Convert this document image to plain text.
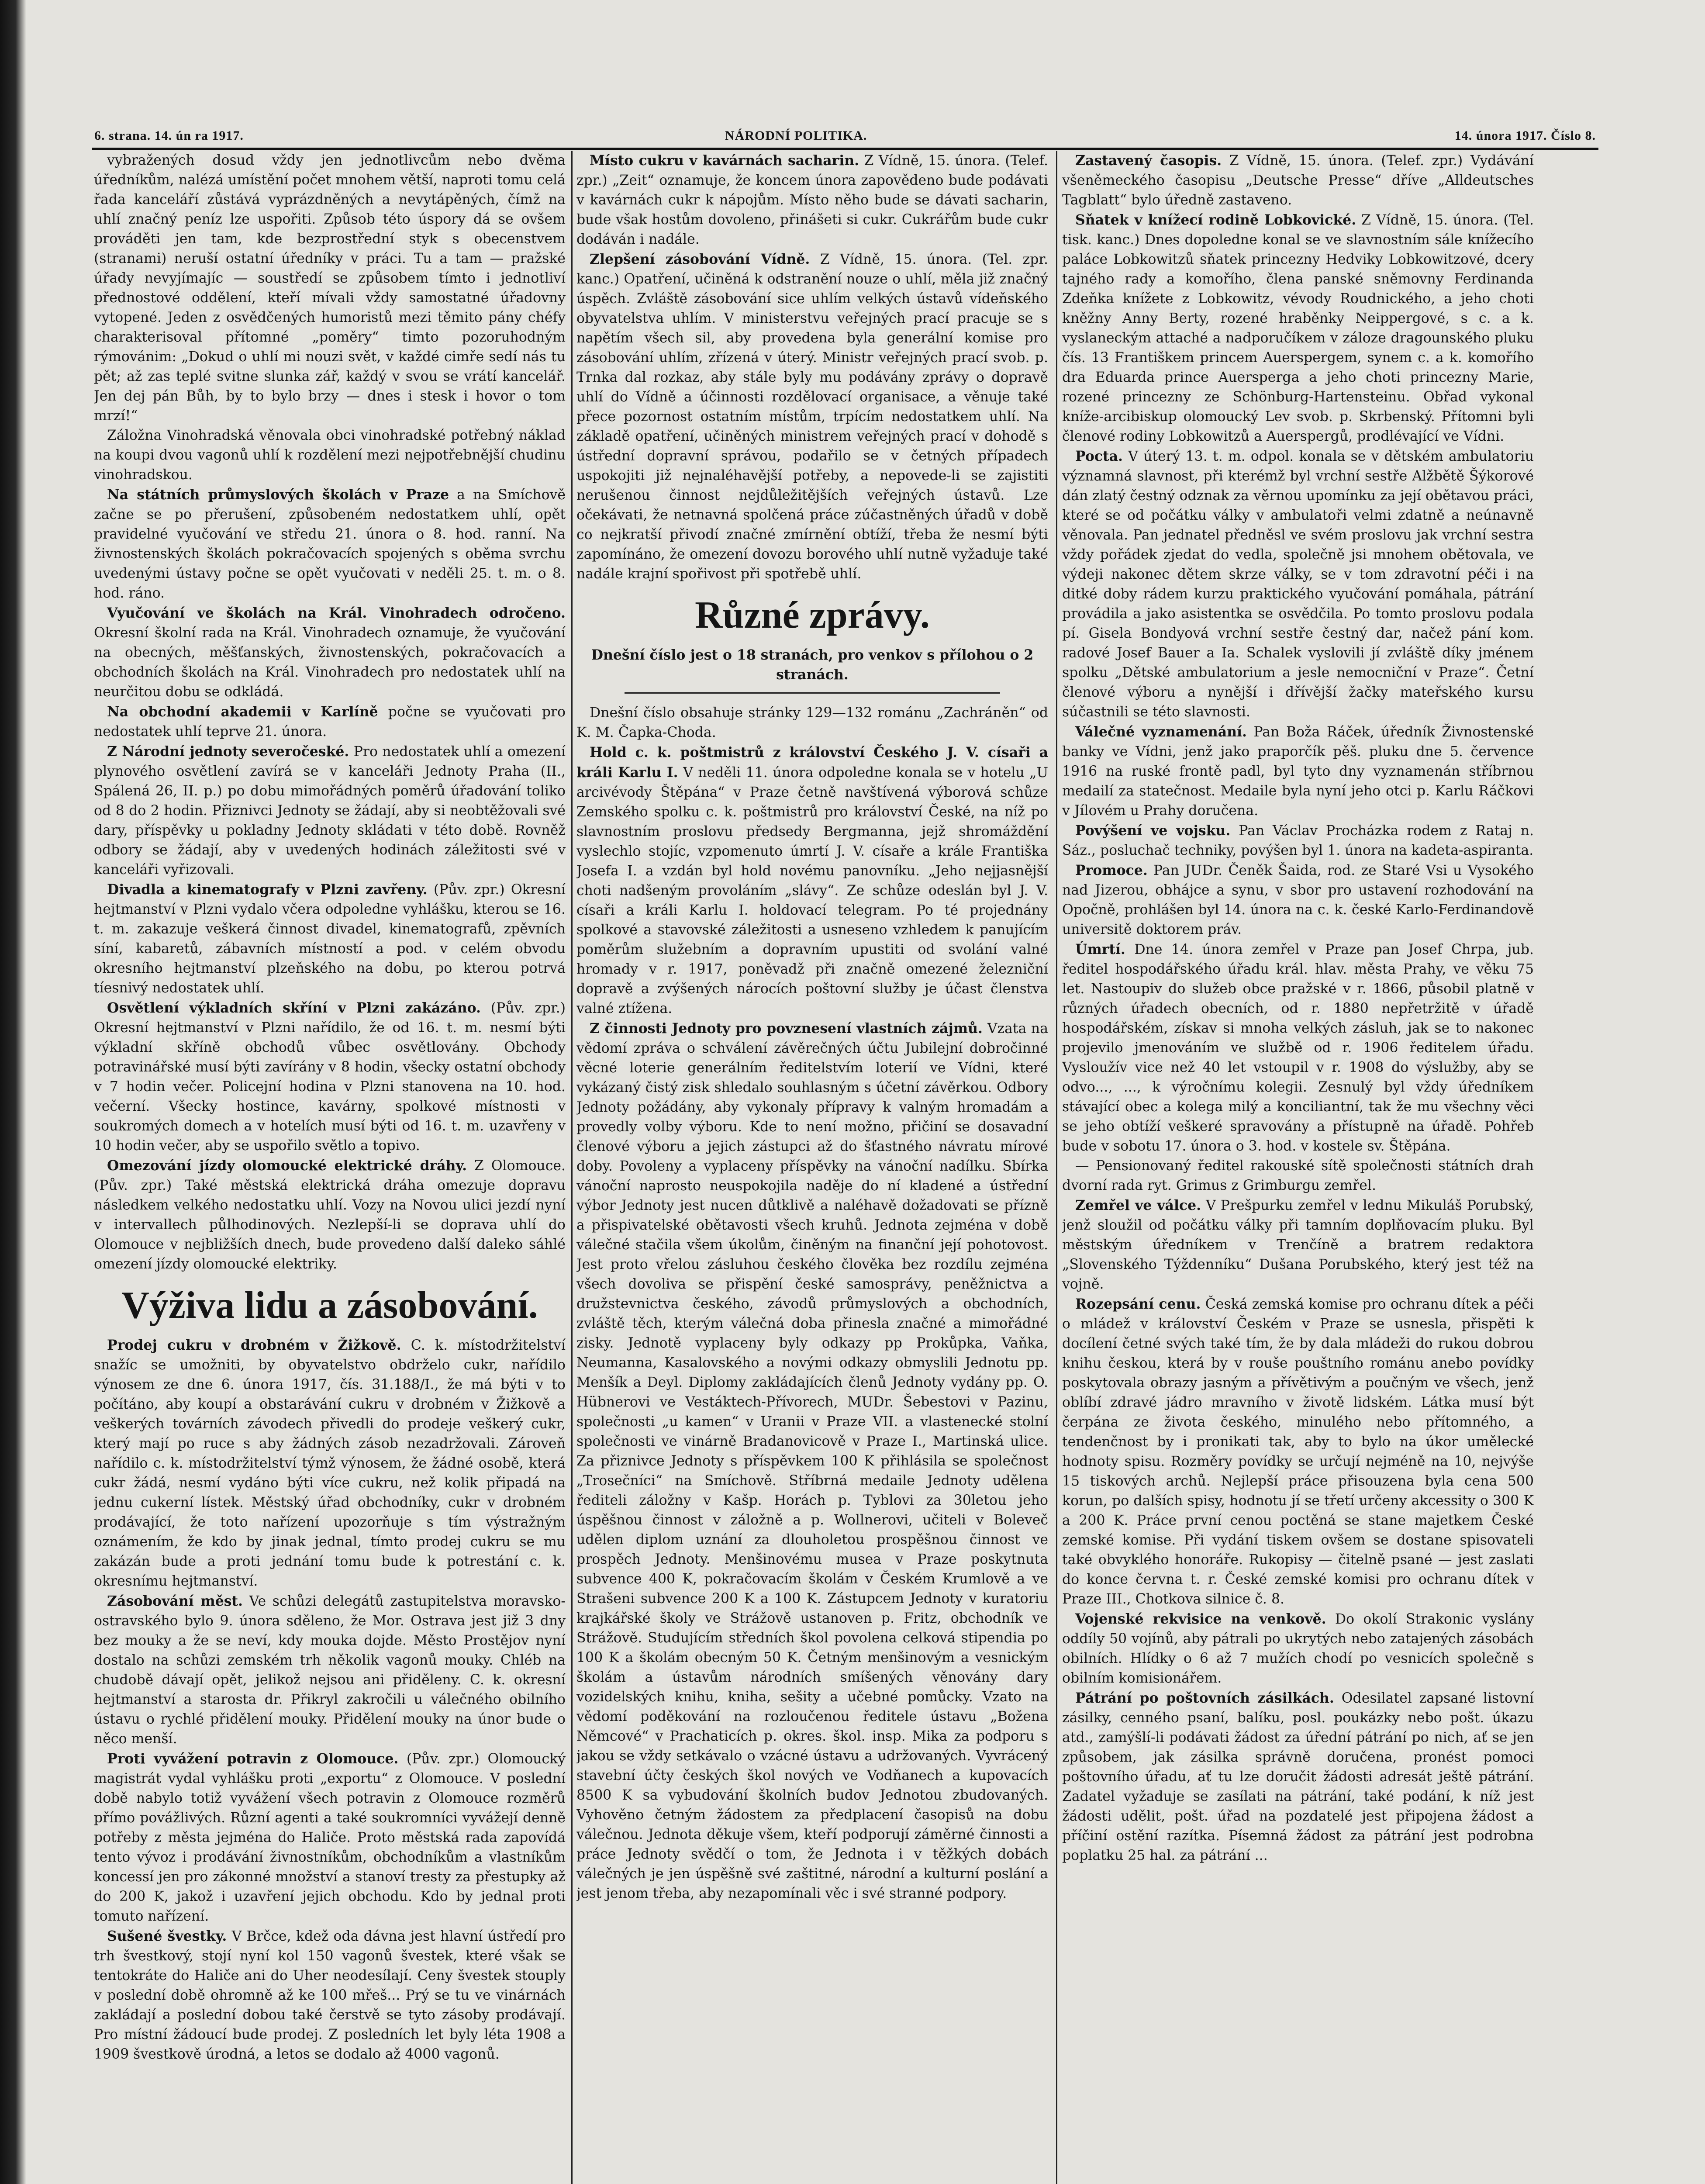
6. strana. 14. ún ra 1917.	NÁRODNÍ POLITIKA.	14. února 1917. Číslo 8.

vybražených dosud vždy jen jednotlivcům nebo dvěma úředníkům, nalézá umístění počet mnohem větší, naproti tomu celá řada kanceláří zůstává vyprázdněných a nevytápěných, čímž na uhlí značný peníz lze uspořiti. Způsob této úspory dá se ovšem prováděti jen tam, kde bezprostřední styk s obecenstvem (stranami) neruší ostatní úředníky v práci. Tu a tam — pražské úřady nevyjímajíc — soustředí se způsobem tímto i jednotliví přednostové oddělení, kteří mívali vždy samostatné úřadovny vytopené. Jeden z osvědčených humoristů mezi těmito pány chéfy charakterisoval přítomné „poměry“ timto pozoruhodným rýmovánim: „Dokud o uhlí mi nouzi svět, v každé cimře sedí nás tu pět; až zas teplé svitne slunka zář, každý v svou se vrátí kancelář. Jen dej pán Bůh, by to bylo brzy — dnes i stesk i hovor o tom mrzí!“

Záložna Vinohradská věnovala obci vinohradské potřebný náklad na koupi dvou vagonů uhlí k rozdělení mezi nejpotřebnější chudinu vinohradskou.

Na státních průmyslových školách v Praze a na Smíchově začne se po přerušení, způsobeném nedostatkem uhlí, opět pravidelné vyučování ve středu 21. února o 8. hod. ranní. Na živnostenských školách pokračovacích spojených s oběma svrchu uvedenými ústavy počne se opět vyučovati v neděli 25. t. m. o 8. hod. ráno.

Vyučování ve školách na Král. Vinohradech odročeno. Okresní školní rada na Král. Vinohradech oznamuje, že vyučování na obecných, měšťanských, živnostenských, pokračovacích a obchodních školách na Král. Vinohradech pro nedostatek uhlí na neurčitou dobu se odkládá.

Na obchodní akademii v Karlíně počne se vyučovati pro nedostatek uhlí teprve 21. února.

Z Národní jednoty severočeské. Pro nedostatek uhlí a omezení plynového osvětlení zavírá se v kanceláři Jednoty Praha (II., Spálená 26, II. p.) po dobu mimořádných poměrů úřadování toliko od 8 do 2 hodin. Přiznivci Jednoty se žádají, aby si neobtěžovali své dary, příspěvky u pokladny Jednoty skládati v této době. Rovněž odbory se žádají, aby v uvedených hodinách záležitosti své v kanceláři vyřizovali.

Divadla a kinematografy v Plzni zavřeny. (Pův. zpr.) Okresní hejtmanství v Plzni vydalo včera odpoledne vyhlášku, kterou se 16. t. m. zakazuje veškerá činnost divadel, kinematografů, zpěvních síní, kabaretů, zábavních místností a pod. v celém obvodu okresního hejtmanství plzeňského na dobu, po kterou potrvá tíesnivý nedostatek uhlí.

Osvětlení výkladních skříní v Plzni zakázáno. (Pův. zpr.) Okresní hejtmanství v Plzni nařídilo, že od 16. t. m. nesmí býti výkladní skříně obchodů vůbec osvětlovány. Obchody potravinářské musí býti zavírány v 8 hodin, všecky ostatní obchody v 7 hodin večer. Policejní hodina v Plzni stanovena na 10. hod. večerní. Všecky hostince, kavárny, spolkové místnosti v soukromých domech a v hotelích musí býti od 16. t. m. uzavřeny v 10 hodin večer, aby se uspořilo světlo a topivo.

Omezování jízdy olomoucké elektrické dráhy. Z Olomouce. (Pův. zpr.) Také městská elektrická dráha omezuje dopravu následkem velkého nedostatku uhlí. Vozy na Novou ulici jezdí nyní v intervallech půlhodinových. Nezlepší-li se doprava uhlí do Olomouce v nejbližších dnech, bude provedeno další daleko sáhlé omezení jízdy olomoucké elektriky.

Výživa lidu a zásobování.

Prodej cukru v drobném v Žižkově. C. k. místodržitelství snažíc se umožniti, by obyvatelstvo obdrželo cukr, nařídilo výnosem ze dne 6. února 1917, čís. 31.188/I., že má býti v to počítáno, aby koupí a obstarávání cukru v drobném v Žižkově a veškerých továrních závodech přivedli do prodeje veškerý cukr, který mají po ruce s aby žádných zásob nezadržovali. Zároveň nařídilo c. k. místodržitelství týmž výnosem, že žádné osobě, která cukr žádá, nesmí vydáno býti více cukru, než kolik připadá na jednu cukerní lístek. Městský úřad obchodníky, cukr v drobném prodávající, že toto nařízení upozorňuje s tím výstražným oznámením, že kdo by jinak jednal, tímto prodej cukru se mu zakázán bude a proti jednání tomu bude k potrestání c. k. okresnímu hejtmanství.

Zásobování měst. Ve schůzi delegátů zastupitelstva moravsko-ostravského bylo 9. února sděleno, že Mor. Ostrava jest již 3 dny bez mouky a že se neví, kdy mouka dojde. Město Prostějov nyní dostalo na schůzi zemském trh několik vagonů mouky. Chléb na chudobě dávají opět, jelikož nejsou ani přiděleny. C. k. okresní hejtmanství a starosta dr. Přikryl zakročili u válečného obilního ústavu o rychlé přidělení mouky. Přidělení mouky na únor bude o něco menší.

Proti vyvážení potravin z Olomouce. (Pův. zpr.) Olomoucký magistrát vydal vyhlášku proti „exportu“ z Olomouce. V poslední době nabylo totiž vyvážení všech potravin z Olomouce rozměrů přímo povážlivých. Různí agenti a také soukromníci vyvážejí denně potřeby z města jejména do Haliče. Proto městská rada zapovídá tento vývoz i prodávání živnostníkům, obchodníkům a vlastníkům koncessí jen pro zákonné množství a stanoví tresty za přestupky až do 200 K, jakož i uzavření jejich obchodu. Kdo by jednal proti tomuto nařízení.

Sušené švestky. V Brčce, kdež oda dávna jest hlavní ústředí pro trh švestkový, stojí nyní kol 150 vagonů švestek, které však se tentokráte do Haliče ani do Uher neodesílají. Ceny švestek stouply v poslední době ohromně až ke 100 mřeš... Prý se tu ve vinárnách zakládají a poslední dobou také čerstvě se tyto zásoby prodávají. Pro místní žádoucí bude prodej. Z posledních let byly léta 1908 a 1909 švestkově úrodná, a letos se dodalo až 4000 vagonů.

Místo cukru v kavárnách sacharin. Z Vídně, 15. února. (Telef. zpr.) „Zeit“ oznamuje, že koncem února zapovědeno bude podávati v kavárnách cukr k nápojům. Místo něho bude se dávati sacharin, bude však hostům dovoleno, přinášeti si cukr. Cukrářům bude cukr dodáván i nadále.

Zlepšení zásobování Vídně. Z Vídně, 15. února. (Tel. zpr. kanc.) Opatření, učiněná k odstranění nouze o uhlí, měla již značný úspěch. Zvláště zásobování sice uhlím velkých ústavů vídeňského obyvatelstva uhlím. V ministerstvu veřejných prací pracuje se s napětím všech sil, aby provedena byla generální komise pro zásobování uhlím, zřízená v úterý. Ministr veřejných prací svob. p. Trnka dal rozkaz, aby stále byly mu podávány zprávy o dopravě uhlí do Vídně a účinnosti rozdělovací organisace, a věnuje také přece pozornost ostatním místům, trpícím nedostatkem uhlí. Na základě opatření, učiněných ministrem veřejných prací v dohodě s ústřední dopravní správou, podařilo se v četných případech uspokojiti již nejnaléhavější potřeby, a nepovede-li se zajistiti nerušenou činnost nejdůležitějších veřejných ústavů. Lze očekávati, že netnavná spolčená práce zúčastněných úřadů v době co nejkratší přivodí značné zmírnění obtíží, třeba že nesmí býti zapomínáno, že omezení dovozu borového uhlí nutně vyžaduje také nadále krajní spořivost při spotřebě uhlí.

Různé zprávy.

Dnešní číslo jest o 18 stranách, pro venkov s přílohou o 2 stranách.

Dnešní číslo obsahuje stránky 129—132 románu „Zachráněn“ od K. M. Čapka-Choda.

Hold c. k. poštmistrů z království Českého J. V. císaři a králi Karlu I. V neděli 11. února odpoledne konala se v hotelu „U arcivévody Štěpána“ v Praze četně navštívená výborová schůze Zemského spolku c. k. poštmistrů pro království České, na níž po slavnostním proslovu předsedy Bergmanna, jejž shromáždění vyslechlo stojíc, vzpomenuto úmrtí J. V. císaře a krále Františka Josefa I. a vzdán byl hold novému panovníku. „Jeho nejjasnější choti nadšeným provoláním „slávy“. Ze schůze odeslán byl J. V. císaři a králi Karlu I. holdovací telegram. Po té projednány spolkové a stavovské záležitosti a usneseno vzhledem k panujícím poměrům služebním a dopravním upustiti od svolání valné hromady v r. 1917, poněvadž při značně omezené železniční dopravě a zvýšených nárocích poštovní služby je účast členstva valné ztížena.

Z činnosti Jednoty pro povznesení vlastních zájmů. Vzata na vědomí zpráva o schválení závěrečných účtu Jubilejní dobročinné věcné loterie generálním ředitelstvím loterií ve Vídni, které vykázaný čistý zisk shledalo souhlasným s účetní závěrkou. Odbory Jednoty požádány, aby vykonaly přípravy k valným hromadám a provedly volby výboru. Kde to není možno, přičiní se dosavadní členové výboru a jejich zástupci až do šťastného návratu mírové doby. Povoleny a vyplaceny příspěvky na vánoční nadílku. Sbírka vánoční naprosto neuspokojila naděje do ní kladené a ústřední výbor Jednoty jest nucen důtklivě a naléhavě dožadovati se přízně a přispivatelské obětavosti všech kruhů. Jednota zejména v době válečné stačila všem úkolům, činěným na finanční její pohotovost. Jest proto vřelou zásluhou českého člověka bez rozdílu zejména všech dovoliva se přispění české samosprávy, peněžnictva a družstevnictva českého, závodů průmyslových a obchodních, zvláště těch, kterým válečná doba přinesla značné a mimořádné zisky. Jednotě vyplaceny byly odkazy pp Prokůpka, Vaňka, Neumanna, Kasalovského a novými odkazy obmyslili Jednotu pp. Menšík a Deyl. Diplomy zakládajících členů Jednoty vydány pp. O. Hübnerovi ve Vestáktech-Přívorech, MUDr. Šebestovi v Pazinu, společnosti „u kamen“ v Uranii v Praze VII. a vlastenecké stolní společnosti ve vinárně Bradanovicově v Praze I., Martinská ulice. Za přiznivce Jednoty s příspěvkem 100 K přihlásila se společnost „Trosečníci“ na Smíchově. Stříbrná medaile Jednoty udělena řediteli záložny v Kašp. Horách p. Tyblovi za 30letou jeho úspěšnou činnost v záložně a p. Wollnerovi, učiteli v Boleveč udělen diplom uznání za dlouholetou prospěšnou činnost ve prospěch Jednoty. Menšinovému musea v Praze poskytnuta subvence 400 K, pokračovacím školám v Českém Krumlově a ve Strašeni subvence 200 K a 100 K. Zástupcem Jednoty v kuratoriu krajkářské školy ve Strážově ustanoven p. Fritz, obchodník ve Strážově. Studujícím středních škol povolena celková stipendia po 100 K a školám obecným 50 K. Četným menšinovým a vesnickým školám a ústavům národních smíšených věnovány dary vozidelských knihu, kniha, sešity a učebné pomůcky. Vzato na vědomí poděkování na rozloučenou ředitele ústavu „Božena Němcové“ v Prachaticích p. okres. škol. insp. Mika za podporu s jakou se vždy setkávalo o vzácné ústavu a udržovaných. Vyvrácený stavební účty českých škol nových ve Vodňanech a kupovacích 8500 K sa vybudování školních budov Jednotou zbudovaných. Vyhověno četným žádostem za předplacení časopisů na dobu válečnou. Jednota děkuje všem, kteří podporují záměrné činnosti a práce Jednoty svědčí o tom, že Jednota i v těžkých dobách válečných je jen úspěšně své zaštitné, národní a kulturní poslání a jest jenom třeba, aby nezapomínali věc i své stranné podpory.

Zastavený časopis. Z Vídně, 15. února. (Telef. zpr.) Vydávání všeněmeckého časopisu „Deutsche Presse“ dříve „Alldeutsches Tagblatt“ bylo úředně zastaveno.

Sňatek v knížecí rodině Lobkovické. Z Vídně, 15. února. (Tel. tisk. kanc.) Dnes dopoledne konal se ve slavnostním sále knížecího paláce Lobkowitzů sňatek princezny Hedviky Lobkowitzové, dcery tajného rady a komořího, člena panské sněmovny Ferdinanda Zdeňka knížete z Lobkowitz, vévody Roudnického, a jeho choti kněžny Anny Berty, rozené hraběnky Neippergové, s c. a k. vyslaneckým attaché a nadporučíkem v záloze dragounského pluku čís. 13 Františkem princem Auerspergem, synem c. a k. komořího dra Eduarda prince Auersperga a jeho choti princezny Marie, rozené princezny ze Schönburg-Hartensteinu. Obřad vykonal kníže-arcibiskup olomoucký Lev svob. p. Skrbenský. Přítomni byli členové rodiny Lobkowitzů a Auerspergů, prodlévající ve Vídni.

Pocta. V úterý 13. t. m. odpol. konala se v dětském ambulatoriu významná slavnost, při kterémž byl vrchní sestře Alžbětě Šýkorové dán zlatý čestný odznak za věrnou upomínku za její obětavou práci, které se od počátku války v ambulatoři velmi zdatně a neúnavně věnovala. Pan jednatel předněsl ve svém proslovu jak vrchní sestra vždy pořádek zjedat do vedla, společně jsi mnohem obětovala, ve výdeji nakonec dětem skrze války, se v tom zdravotní péči i na ditké doby rádem kurzu praktického vyučování pomáhala, pátrání provádila a jako asistentka se osvědčila. Po tomto proslovu podala pí. Gisela Bondyová vrchní sestře čestný dar, načež pání kom. radové Josef Bauer a Ia. Schalek vyslovili jí zvláště díky jménem spolku „Dětské ambulatorium a jesle nemocniční v Praze“. Četní členové výboru a nynější i dřívější žačky mateřského kursu súčastnili se této slavnosti.

Válečné vyznamenání. Pan Boža Ráček, úředník Živnostenské banky ve Vídni, jenž jako praporčík pěš. pluku dne 5. července 1916 na ruské frontě padl, byl tyto dny vyznamenán stříbrnou medailí za statečnost. Medaile byla nyní jeho otci p. Karlu Ráčkovi v Jílovém u Prahy doručena.

Povýšení ve vojsku. Pan Václav Procházka rodem z Rataj n. Sáz., posluchač techniky, povýšen byl 1. února na kadeta-aspiranta.

Promoce. Pan JUDr. Čeněk Šaida, rod. ze Staré Vsi u Vysokého nad Jizerou, obhájce a synu, v sbor pro ustavení rozhodování na Opočně, prohlášen byl 14. února na c. k. české Karlo-Ferdinandově universitě doktorem práv.

Úmrtí. Dne 14. února zemřel v Praze pan Josef Chrpa, jub. ředitel hospodářského úřadu král. hlav. města Prahy, ve věku 75 let. Nastoupiv do služeb obce pražské v r. 1866, působil platně v různých úřadech obecních, od r. 1880 nepřetržitě v úřadě hospodářském, získav si mnoha velkých zásluh, jak se to nakonec projevilo jmenováním ve službě od r. 1906 ředitelem úřadu. Vysloužív vice než 40 let vstoupil v r. 1908 do výslužby, aby se odvo..., ..., k výročnímu kolegii. Zesnulý byl vždy úředníkem stávající obec a kolega milý a konciliantní, tak že mu všechny věci se jeho obtíží veškeré spravovány a přístupně na úřadě. Pohřeb bude v sobotu 17. února o 3. hod. v kostele sv. Štěpána.

— Pensionovaný ředitel rakouské sítě společnosti státních drah dvorní rada ryt. Grimus z Grimburgu zemřel.

Zemřel ve válce. V Prešpurku zemřel v lednu Mikuláš Porubský, jenž sloužil od počátku války při tamním doplňovacím pluku. Byl městským úředníkem v Trenčíně a bratrem redaktora „Slovenského Týždenníku“ Dušana Porubského, který jest též na vojně.

Rozepsání cenu. Česká zemská komise pro ochranu dítek a péči o mládež v království Českém v Praze se usnesla, přispěti k docílení četné svých také tím, že by dala mládeži do rukou dobrou knihu českou, která by v rouše pouštního románu anebo povídky poskytovala obrazy jasným a přívětivým a poučným ve všech, jenž oblíbí zdravé jádro mravního v životě lidském. Látka musí být čerpána ze života českého, minulého nebo přítomného, a tendenčnost by i pronikati tak, aby to bylo na úkor umělecké hodnoty spisu. Rozměry povídky se určují nejméně na 10, nejvýše 15 tiskových archů. Nejlepší práce přisouzena byla cena 500 korun, po dalších spisy, hodnotu jí se třetí určeny akcessity o 300 K a 200 K. Práce první cenou poctěná se stane majetkem České zemské komise. Při vydání tiskem ovšem se dostane spisovateli také obvyklého honoráře. Rukopisy — čitelně psané — jest zaslati do konce června t. r. České zemské komisi pro ochranu dítek v Praze III., Chotkova silnice č. 8.

Vojenské rekvisice na venkově. Do okolí Strakonic vyslány oddíly 50 vojínů, aby pátrali po ukrytých nebo zatajených zásobách obilních. Hlídky o 6 až 7 mužích chodí po vesnicích společně s obilním komisionářem.

Pátrání po poštovních zásilkách. Odesilatel zapsané listovní zásilky, cenného psaní, balíku, posl. poukázky nebo pošt. úkazu atd., zamýšlí-li podávati žádost za úřední pátrání po nich, ať se jen způsobem, jak zásilka správně doručena, pronést pomoci poštovního úřadu, ať tu lze doručit žádosti adresát ještě pátrání. Zadatel vyžaduje se zasílati na pátrání, také podání, k níž jest žádosti udělit, pošt. úřad na pozdatelé jest připojena žádost a příčiní ostění razítka. Písemná žádost za pátrání jest podrobna poplatku 25 hal. za pátrání ...
